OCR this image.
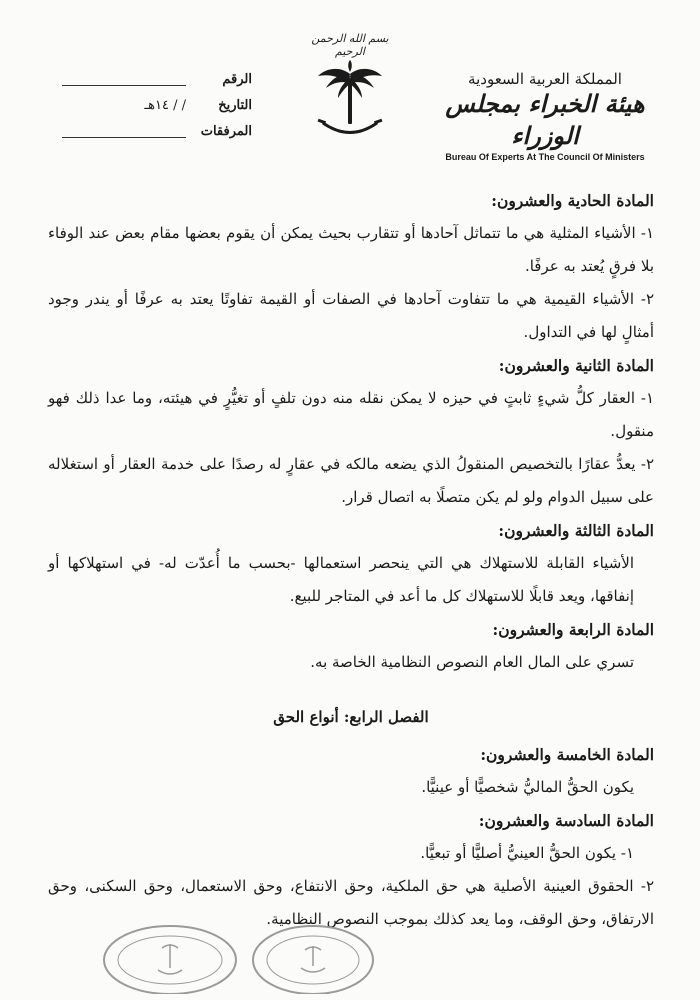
الرقم
التاريخ
/ / ١٤هـ
المرفقات
بسم الله الرحمن الرحيم
المملكة العربية السعودية
هيئة الخبراء بمجلس الوزراء
Bureau Of Experts At The Council Of Ministers

المادة الحادية والعشرون:

١- الأشياء المثلية هي ما تتماثل آحادها أو تتقارب بحيث يمكن أن يقوم بعضها مقام بعض عند الوفاء بلا فرقٍ يُعتد به عرفًا.

٢- الأشياء القيمية هي ما تتفاوت آحادها في الصفات أو القيمة تفاوتًا يعتد به عرفًا أو يندر وجود أمثالٍ لها في التداول.

المادة الثانية والعشرون:

١- العقار كلُّ شيءٍ ثابتٍ في حيزه لا يمكن نقله منه دون تلفٍ أو تغيُّرٍ في هيئته، وما عدا ذلك فهو منقول.

٢- يعدُّ عقارًا بالتخصيص المنقولُ الذي يضعه مالكه في عقارٍ له رصدًا على خدمة العقار أو استغلاله على سبيل الدوام ولو لم يكن متصلًا به اتصال قرار.

المادة الثالثة والعشرون:

الأشياء القابلة للاستهلاك هي التي ينحصر استعمالها -بحسب ما أُعدّت له- في استهلاكها أو إنفاقها، ويعد قابلًا للاستهلاك كل ما أعد في المتاجر للبيع.

المادة الرابعة والعشرون:

تسري على المال العام النصوص النظامية الخاصة به.

الفصل الرابع: أنواع الحق

المادة الخامسة والعشرون:

يكون الحقُّ الماليُّ شخصيًّا أو عينيًّا.

المادة السادسة والعشرون:

١- يكون الحقُّ العينيُّ أصليًّا أو تبعيًّا.

٢- الحقوق العينية الأصلية هي حق الملكية، وحق الانتفاع، وحق الاستعمال، وحق السكنى، وحق الارتفاق، وحق الوقف، وما يعد كذلك بموجب النصوص النظامية.
